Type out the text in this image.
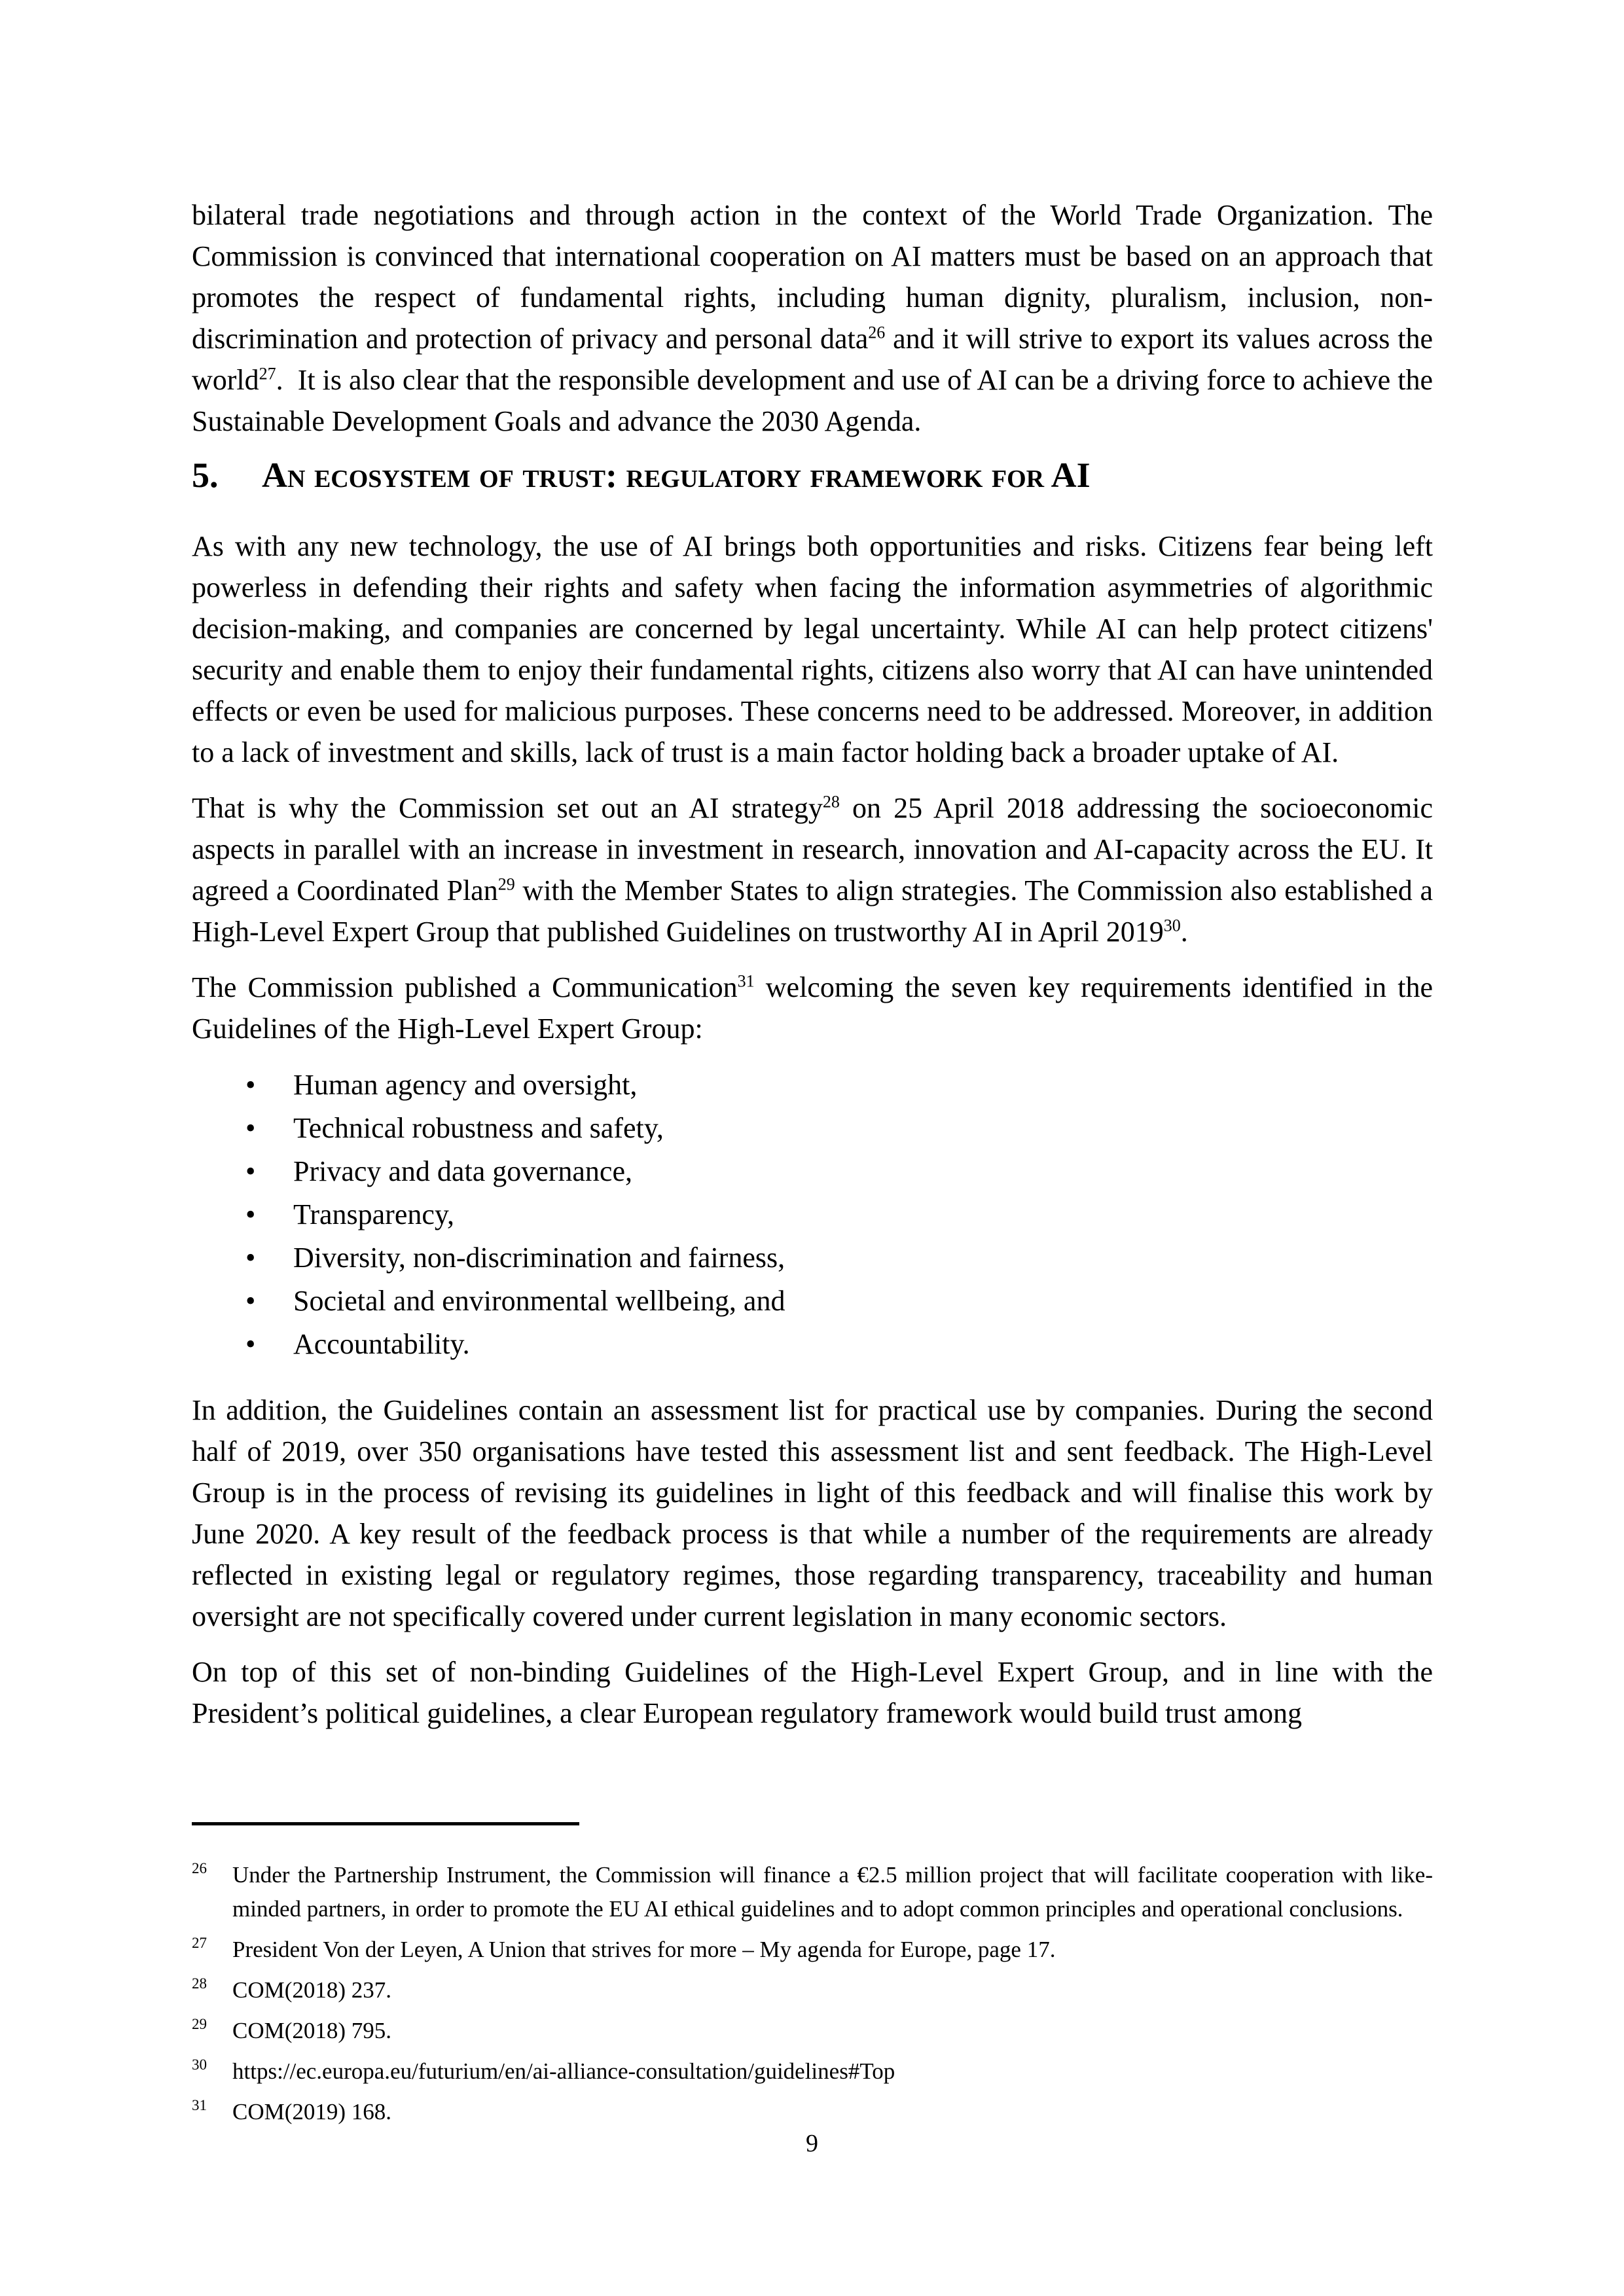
bilateral trade negotiations and through action in the context of the World Trade Organization. The Commission is convinced that international cooperation on AI matters must be based on an approach that promotes the respect of fundamental rights, including human dignity, pluralism, inclusion, non-discrimination and protection of privacy and personal data$^{26}$ and it will strive to export its values across the world$^{27}$.  It is also clear that the responsible development and use of AI can be a driving force to achieve the Sustainable Development Goals and advance the 2030 Agenda.

5.	An ecosystem of trust: regulatory framework for AI

As with any new technology, the use of AI brings both opportunities and risks. Citizens fear being left powerless in defending their rights and safety when facing the information asymmetries of algorithmic decision-making, and companies are concerned by legal uncertainty. While AI can help protect citizens' security and enable them to enjoy their fundamental rights, citizens also worry that AI can have unintended effects or even be used for malicious purposes. These concerns need to be addressed. Moreover, in addition to a lack of investment and skills, lack of trust is a main factor holding back a broader uptake of AI.

That is why the Commission set out an AI strategy$^{28}$ on 25 April 2018 addressing the socioeconomic aspects in parallel with an increase in investment in research, innovation and AI-capacity across the EU. It agreed a Coordinated Plan$^{29}$ with the Member States to align strategies. The Commission also established a High-Level Expert Group that published Guidelines on trustworthy AI in April 2019$^{30}$.

The Commission published a Communication$^{31}$ welcoming the seven key requirements identified in the Guidelines of the High-Level Expert Group:

• Human agency and oversight,
• Technical robustness and safety,
• Privacy and data governance,
• Transparency,
• Diversity, non-discrimination and fairness,
• Societal and environmental wellbeing, and
• Accountability.

In addition, the Guidelines contain an assessment list for practical use by companies. During the second half of 2019, over 350 organisations have tested this assessment list and sent feedback. The High-Level Group is in the process of revising its guidelines in light of this feedback and will finalise this work by June 2020. A key result of the feedback process is that while a number of the requirements are already reflected in existing legal or regulatory regimes, those regarding transparency, traceability and human oversight are not specifically covered under current legislation in many economic sectors.

On top of this set of non-binding Guidelines of the High-Level Expert Group, and in line with the President’s political guidelines, a clear European regulatory framework would build trust among

$^{26}$ Under the Partnership Instrument, the Commission will finance a €2.5 million project that will facilitate cooperation with like-minded partners, in order to promote the EU AI ethical guidelines and to adopt common principles and operational conclusions.
$^{27}$ President Von der Leyen, A Union that strives for more – My agenda for Europe, page 17.
$^{28}$ COM(2018) 237.
$^{29}$ COM(2018) 795.
$^{30}$ https://ec.europa.eu/futurium/en/ai-alliance-consultation/guidelines#Top
$^{31}$ COM(2019) 168.
9
